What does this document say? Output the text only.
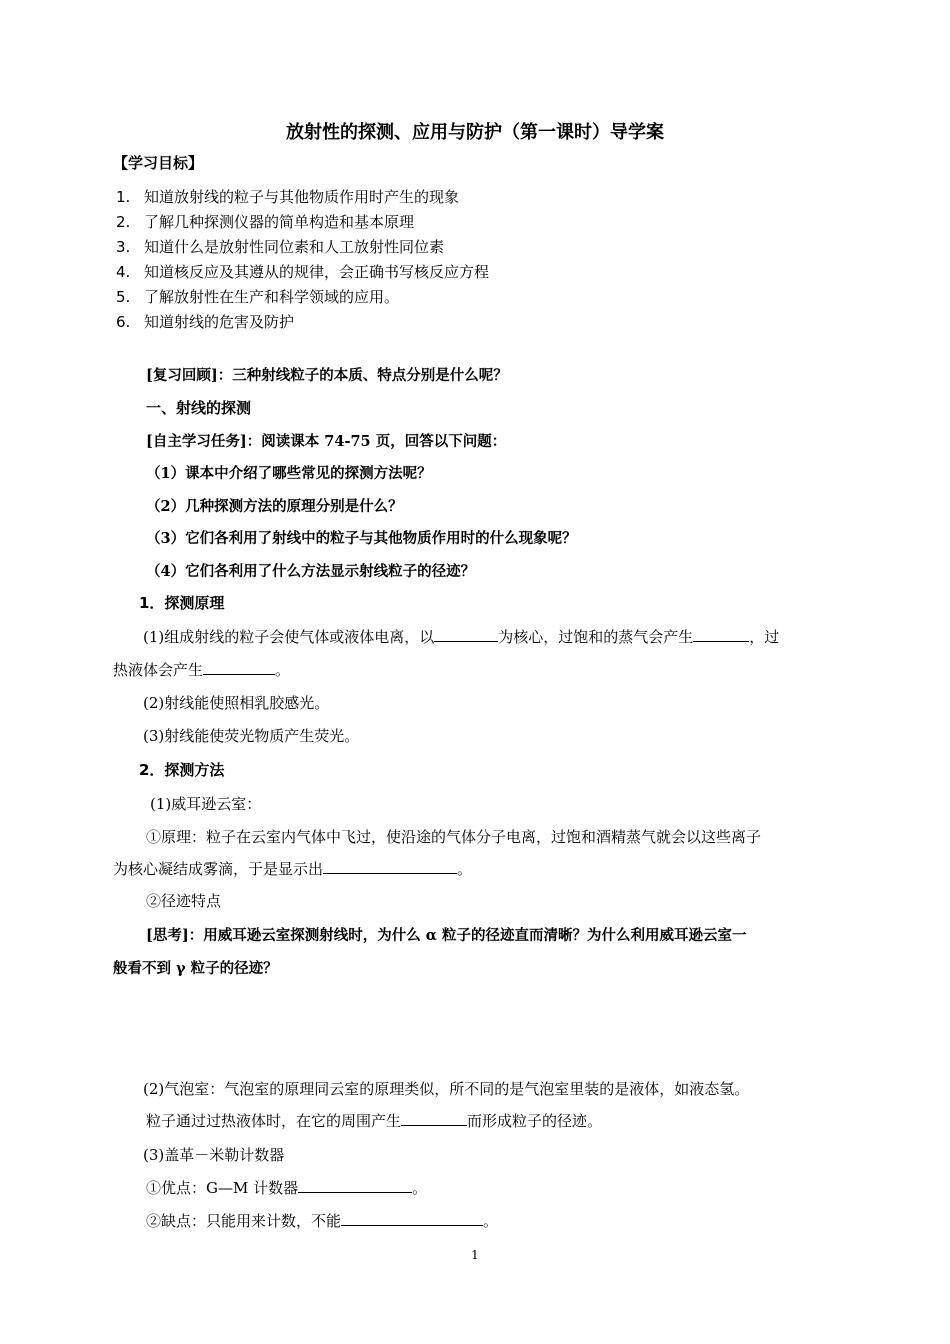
放射性的探测、应用与防护（第一课时）导学案
【学习目标】
1. 知道放射线的粒子与其他物质作用时产生的现象
2. 了解几种探测仪器的简单构造和基本原理
3. 知道什么是放射性同位素和人工放射性同位素
4. 知道核反应及其遵从的规律，会正确书写核反应方程
5. 了解放射性在生产和科学领域的应用。
6. 知道射线的危害及防护
[复习回顾]：三种射线粒子的本质、特点分别是什么呢？
一、射线的探测
[自主学习任务]：阅读课本 74-75 页，回答以下问题：
（1）课本中介绍了哪些常见的探测方法呢？
（2）几种探测方法的原理分别是什么？
（3）它们各利用了射线中的粒子与其他物质作用时的什么现象呢？
（4）它们各利用了什么方法显示射线粒子的径迹？
1．探测原理
(1)组成射线的粒子会使气体或液体电离，以	为核心，过饱和的蒸气会产生	，过
热液体会产生	。
(2)射线能使照相乳胶感光。
(3)射线能使荧光物质产生荧光。
2．探测方法
(1)威耳逊云室：
①原理：粒子在云室内气体中飞过，使沿途的气体分子电离，过饱和酒精蒸气就会以这些离子
为核心凝结成雾滴，于是显示出	。
②径迹特点
[思考]：用威耳逊云室探测射线时，为什么 α 粒子的径迹直而清晰？为什么利用威耳逊云室一
般看不到 γ 粒子的径迹？
(2)气泡室：气泡室的原理同云室的原理类似，所不同的是气泡室里装的是液体，如液态氢。
粒子通过过热液体时，在它的周围产生	而形成粒子的径迹。
(3)盖革－米勒计数器
①优点：G—M 计数器	。
②缺点：只能用来计数，不能	。
1
